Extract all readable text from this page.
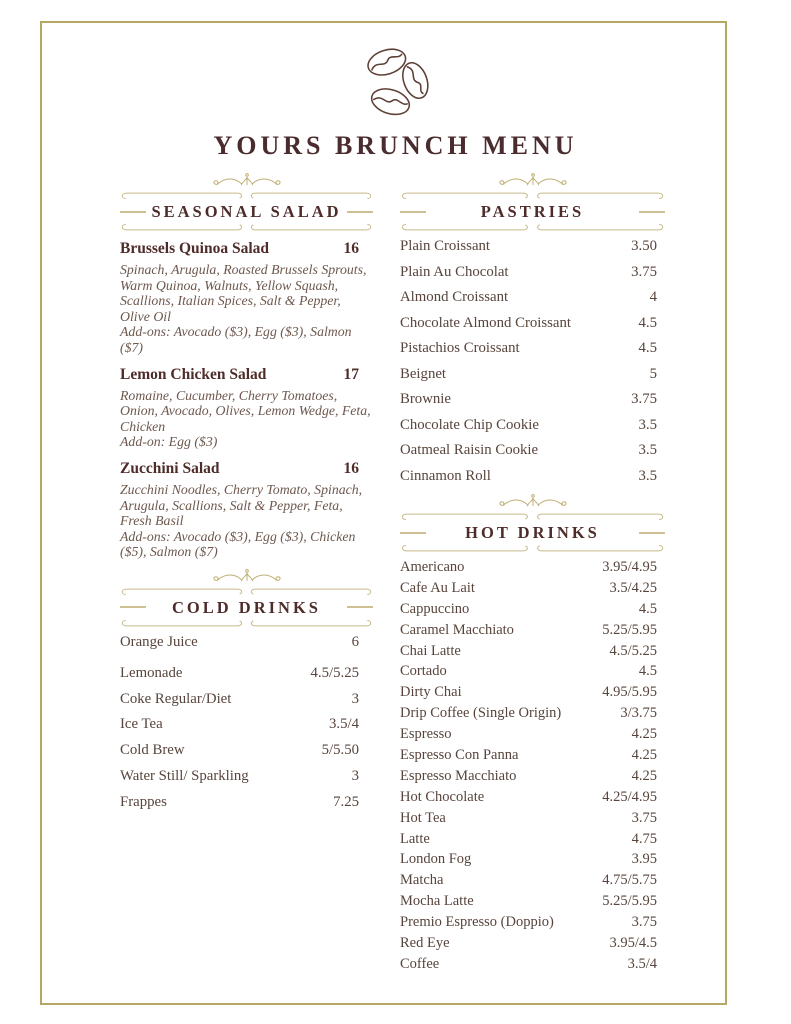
YOURS BRUNCH MENU
SEASONAL SALAD
Brussels Quinoa Salad	16
Spinach, Arugula, Roasted Brussels Sprouts, Warm Quinoa, Walnuts, Yellow Squash, Scallions, Italian Spices, Salt & Pepper, Olive Oil
Add-ons: Avocado ($3), Egg ($3), Salmon ($7)
Lemon Chicken Salad	17
Romaine, Cucumber, Cherry Tomatoes, Onion, Avocado, Olives, Lemon Wedge, Feta, Chicken
Add-on: Egg ($3)
Zucchini Salad	16
Zucchini Noodles, Cherry Tomato, Spinach, Arugula, Scallions, Salt & Pepper, Feta, Fresh Basil
Add-ons: Avocado ($3), Egg ($3), Chicken ($5), Salmon ($7)
COLD DRINKS
Orange Juice	6
Lemonade	4.5/5.25
Coke Regular/Diet	3
Ice Tea	3.5/4
Cold Brew	5/5.50
Water Still/ Sparkling	3
Frappes	7.25
PASTRIES
Plain Croissant	3.50
Plain Au Chocolat	3.75
Almond Croissant	4
Chocolate Almond Croissant	4.5
Pistachios Croissant	4.5
Beignet	5
Brownie	3.75
Chocolate Chip Cookie	3.5
Oatmeal Raisin Cookie	3.5
Cinnamon Roll	3.5
HOT DRINKS
Americano	3.95/4.95
Cafe Au Lait	3.5/4.25
Cappuccino	4.5
Caramel Macchiato	5.25/5.95
Chai Latte	4.5/5.25
Cortado	4.5
Dirty Chai	4.95/5.95
Drip Coffee (Single Origin)	3/3.75
Espresso	4.25
Espresso Con Panna	4.25
Espresso Macchiato	4.25
Hot Chocolate	4.25/4.95
Hot Tea	3.75
Latte	4.75
London Fog	3.95
Matcha	4.75/5.75
Mocha Latte	5.25/5.95
Premio Espresso (Doppio)	3.75
Red Eye	3.95/4.5
Coffee	3.5/4
